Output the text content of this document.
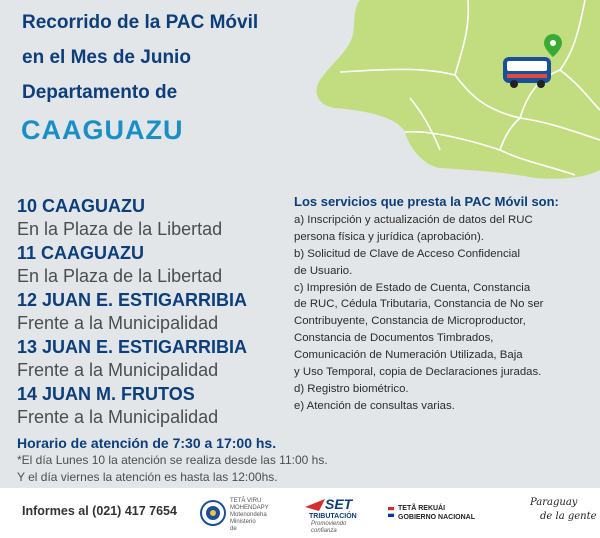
Recorrido de la PAC Móvil
en el Mes de Junio
Departamento de
CAAGUAZU
10 CAAGUAZU
En la Plaza de la Libertad
11 CAAGUAZU
En la Plaza de la Libertad
12 JUAN E. ESTIGARRIBIA
Frente a la Municipalidad
13 JUAN E. ESTIGARRIBIA
Frente a la Municipalidad
14 JUAN M. FRUTOS
Frente a la Municipalidad
Horario de atención de 7:30 a 17:00 hs.
*El día Lunes 10 la atención se realiza desde las 11:00 hs.
Y el día viernes la atención es hasta las 12:00hs.
Los servicios que presta la PAC Móvil son:
a) Inscripción y actualización de datos del RUC
persona física y jurídica (aprobación).
b) Solicitud de Clave de Acceso Confidencial
de Usuario.
c) Impresión de Estado de Cuenta, Constancia
de RUC, Cédula Tributaria, Constancia de No ser
Contribuyente, Constancia de Microproductor,
Constancia de Documentos Timbrados,
Comunicación de Numeración Utilizada, Baja
y Uso Temporal, copia de Declaraciones juradas.
d) Registro biométrico.
e) Atención de consultas varias.
Informes al (021) 417 7654
TETÃ VIRU
MOHENDAPY
Motenondeha
Ministerio de
SET
TRIBUTACIÓN
Promoviendo confianza
TETÃ REKUÁI
GOBIERNO NACIONAL
Paraguay
de la gente
